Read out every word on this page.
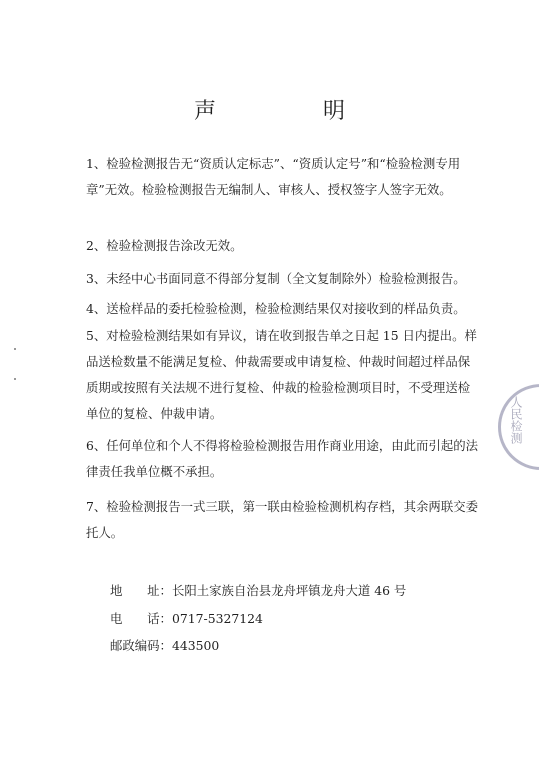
声 明

1、检验检测报告无“资质认定标志”、“资质认定号”和“检验检测专用章”无效。检验检测报告无编制人、审核人、授权签字人签字无效。

2、检验检测报告涂改无效。

3、未经中心书面同意不得部分复制（全文复制除外）检验检测报告。

4、送检样品的委托检验检测，检验检测结果仅对接收到的样品负责。

5、对检验检测结果如有异议，请在收到报告单之日起 15 日内提出。样品送检数量不能满足复检、仲裁需要或申请复检、仲裁时间超过样品保质期或按照有关法规不进行复检、仲裁的检验检测项目时，不受理送检单位的复检、仲裁申请。

6、任何单位和个人不得将检验检测报告用作商业用途，由此而引起的法律责任我单位概不承担。

7、检验检测报告一式三联，第一联由检验检测机构存档，其余两联交委托人。

地　　址：长阳土家族自治县龙舟坪镇龙舟大道 46 号

电　　话：0717-5327124

邮政编码：443500

人民检测
